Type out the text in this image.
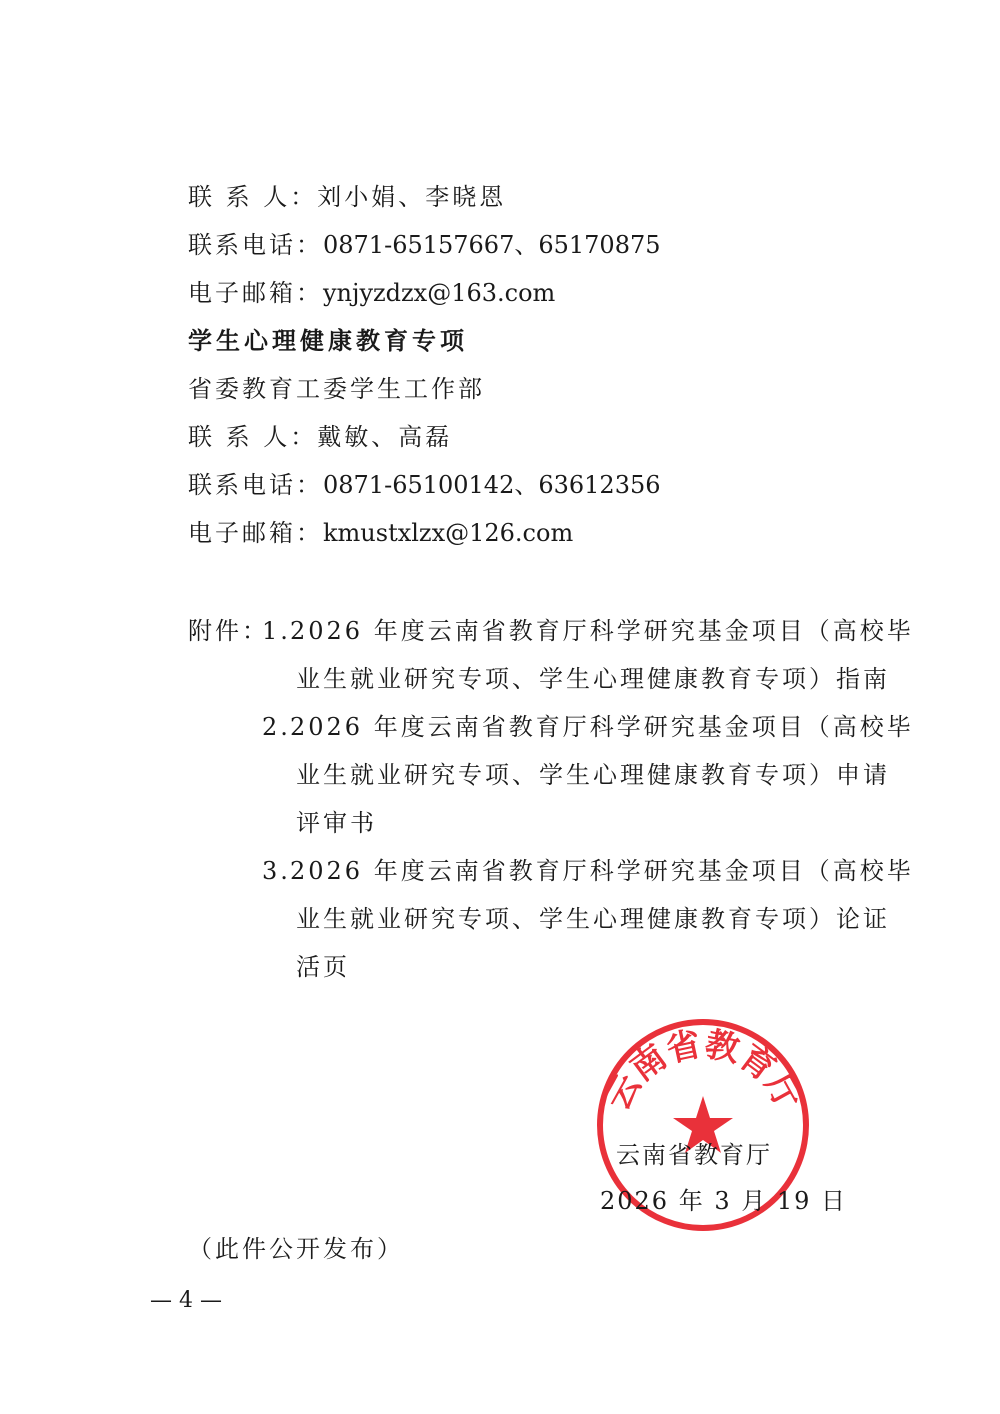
联 系 人：刘小娟、李晓恩
联系电话：0871-65157667、65170875
电子邮箱：ynjyzdzx@163.com
学生心理健康教育专项
省委教育工委学生工作部
联 系 人：戴敏、高磊
联系电话：0871-65100142、63612356
电子邮箱：kmustxlzx@126.com
附件：
1. 2026 年度云南省教育厅科学研究基金项目（高校毕
业生就业研究专项、学生心理健康教育专项）指南
2. 2026 年度云南省教育厅科学研究基金项目（高校毕
业生就业研究专项、学生心理健康教育专项）申请
评审书
3. 2026 年度云南省教育厅科学研究基金项目（高校毕
业生就业研究专项、学生心理健康教育专项）论证
活页
云南省教育厅
云南省教育厅
2026 年 3 月 19 日
（此件公开发布）
— 4 —
